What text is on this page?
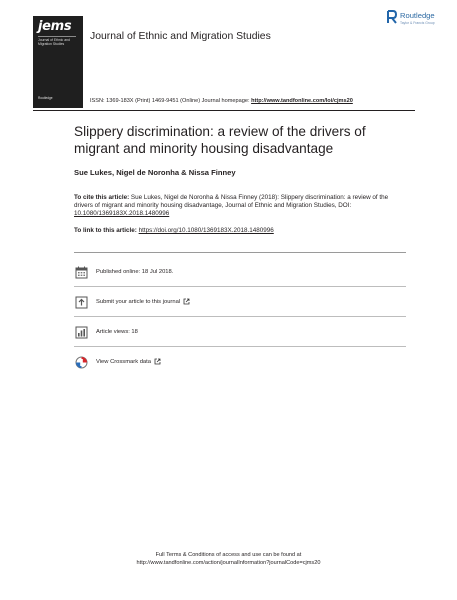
jems
Journal of Ethnic and Migration Studies
Routledge
Journal of Ethnic and Migration Studies
Routledge
Taylor & Francis Group
ISSN: 1369-183X (Print) 1469-9451 (Online) Journal homepage: http://www.tandfonline.com/loi/cjms20
Slippery discrimination: a review of the drivers of migrant and minority housing disadvantage
Sue Lukes, Nigel de Noronha & Nissa Finney
To cite this article: Sue Lukes, Nigel de Noronha & Nissa Finney (2018): Slippery discrimination: a review of the drivers of migrant and minority housing disadvantage, Journal of Ethnic and Migration Studies, DOI: 10.1080/1369183X.2018.1480996
To link to this article: https://doi.org/10.1080/1369183X.2018.1480996
Published online: 18 Jul 2018.
Submit your article to this journal
Article views: 18
View Crossmark data
Full Terms & Conditions of access and use can be found at
http://www.tandfonline.com/action/journalInformation?journalCode=cjms20
